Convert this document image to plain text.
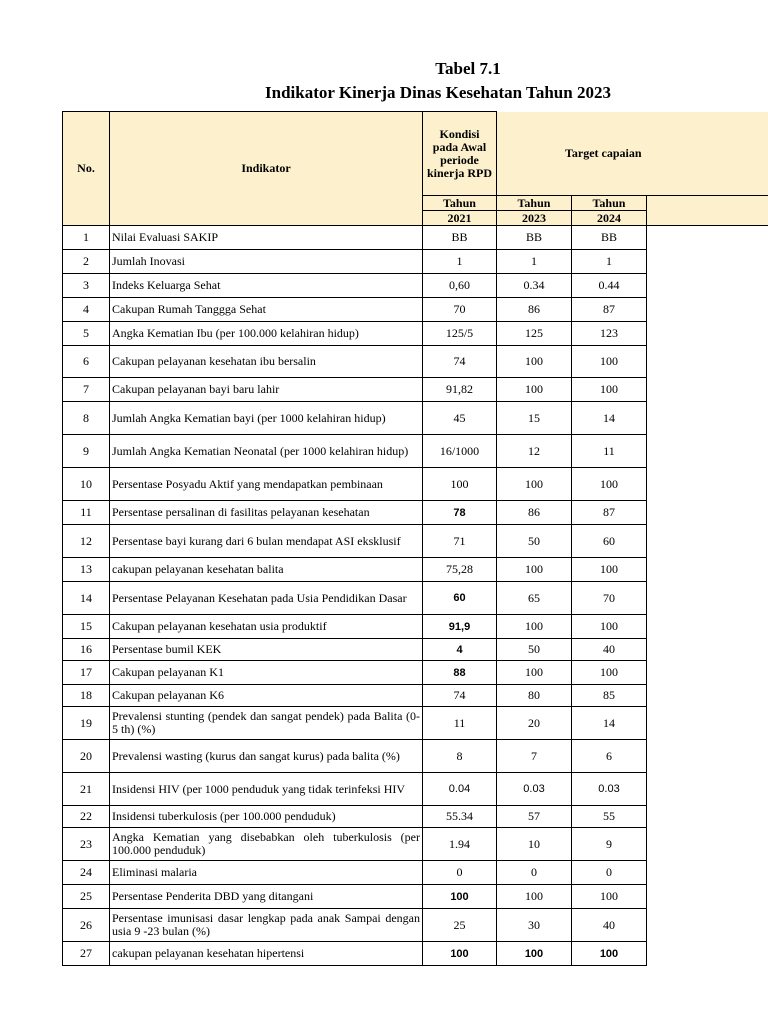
Tabel 7.1
Indikator Kinerja Dinas Kesehatan Tahun 2023
No.	Indikator	Kondisi pada Awal periode kinerja RPD	Target capaian		
		Tahun	Tahun	Tahun	
		2021	2023	2024	
1	Nilai Evaluasi SAKIP	BB	BB	BB	
2	Jumlah Inovasi	1	1	1	
3	Indeks Keluarga Sehat	0,60	0.34	0.44	
4	Cakupan Rumah Tanggga Sehat	70	86	87	
5	Angka Kematian Ibu (per 100.000 kelahiran hidup)	125/5	125	123	
6	Cakupan pelayanan kesehatan ibu bersalin	74	100	100	
7	Cakupan pelayanan bayi baru lahir	91,82	100	100	
8	Jumlah Angka Kematian bayi (per 1000 kelahiran hidup)	45	15	14	
9	Jumlah Angka Kematian Neonatal (per 1000 kelahiran hidup)	16/1000	12	11	
10	Persentase Posyadu Aktif yang mendapatkan pembinaan	100	100	100	
11	Persentase persalinan di fasilitas pelayanan kesehatan	78	86	87	
12	Persentase bayi kurang dari 6 bulan mendapat ASI eksklusif	71	50	60	
13	cakupan pelayanan kesehatan balita	75,28	100	100	
14	Persentase Pelayanan Kesehatan pada Usia Pendidikan Dasar	60	65	70	
15	Cakupan pelayanan kesehatan usia produktif	91,9	100	100	
16	Persentase bumil KEK	4	50	40	
17	Cakupan pelayanan K1	88	100	100	
18	Cakupan pelayanan K6	74	80	85	
19	Prevalensi stunting (pendek dan sangat pendek) pada Balita (0-5 th) (%)	11	20	14	
20	Prevalensi wasting (kurus dan sangat kurus) pada balita (%)	8	7	6	
21	Insidensi HIV (per 1000 penduduk yang tidak terinfeksi HIV	0.04	0.03	0.03	
22	Insidensi tuberkulosis (per 100.000 penduduk)	55.34	57	55	
23	Angka Kematian yang disebabkan oleh tuberkulosis (per 100.000 penduduk)	1.94	10	9	
24	Eliminasi malaria	0	0	0	
25	Persentase Penderita DBD yang ditangani	100	100	100	
26	Persentase imunisasi dasar lengkap pada anak Sampai dengan usia 9 -23 bulan (%)	25	30	40	
27	cakupan pelayanan kesehatan hipertensi	100	100	100	
